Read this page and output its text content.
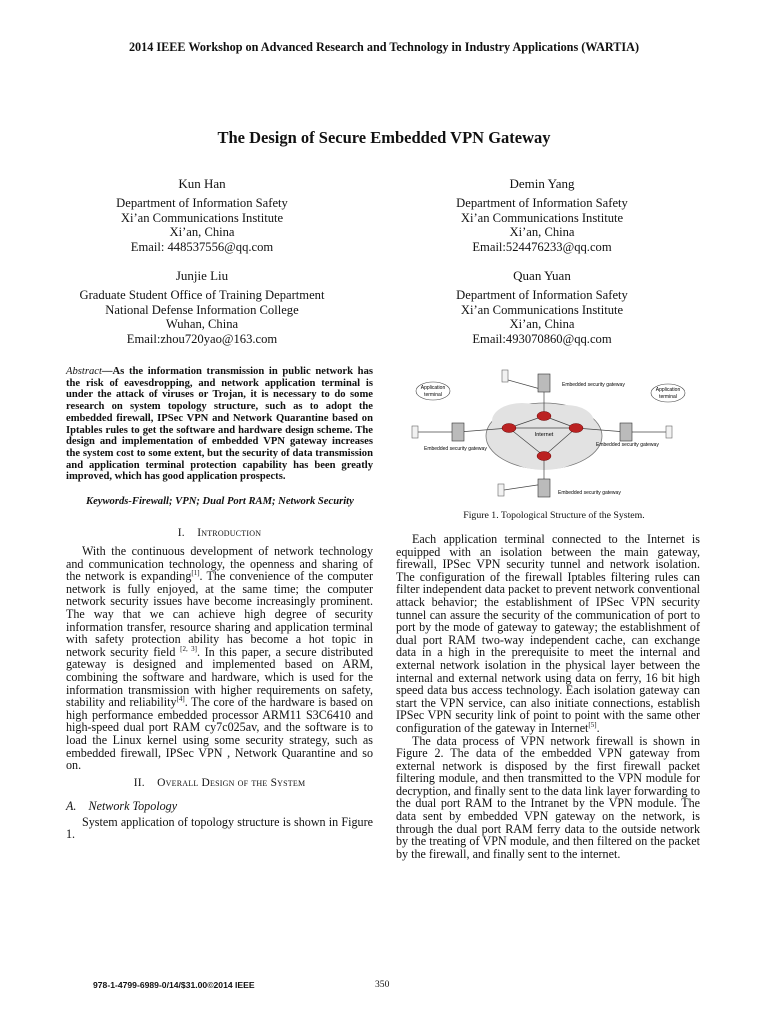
2014 IEEE Workshop on Advanced Research and Technology in Industry Applications (WARTIA)
The Design of Secure Embedded VPN Gateway
Kun Han
Department of Information Safety
Xi’an Communications Institute
Xi’an, China
Email: 448537556@qq.com
Demin Yang
Department of Information Safety
Xi’an Communications Institute
Xi’an, China
Email:524476233@qq.com
Junjie Liu
Graduate Student Office of Training Department
National Defense Information College
Wuhan, China
Email:zhou720yao@163.com
Quan Yuan
Department of Information Safety
Xi’an Communications Institute
Xi’an, China
Email:493070860@qq.com
Abstract—As the information transmission in public network has the risk of eavesdropping, and network application terminal is under the attack of viruses or Trojan, it is necessary to do some research on system topology structure, such as to adopt the embedded firewall, IPSec VPN and Network Quarantine based on Iptables rules to get the software and hardware design scheme. The design and implementation of embedded VPN gateway increases the system cost to some extent, but the security of data transmission and application terminal protection capability has been greatly improved, which has good application prospects.
Keywords-Firewall; VPN; Dual Port RAM; Network Security
I. Introduction

With the continuous development of network technology and communication technology, the openness and sharing of the network is expanding[1]. The convenience of the computer network is fully enjoyed, at the same time; the computer network security issues have become increasingly prominent. The way that we can achieve high degree of security information transfer, resource sharing and application terminal with safety protection ability has become a hot topic in network security field [2, 3]. In this paper, a secure distributed gateway is designed and implemented based on ARM, combining the software and hardware, which is used for the information transmission with higher requirements on safety, stability and reliability[4]. The core of the hardware is based on high performance embedded processor ARM11 S3C6410 and high-speed dual port RAM cy7c025av, and the software is to load the Linux kernel using some security strategy, such as embedded firewall, IPSec VPN , Network Quarantine and so on.

II. Overall Design of the System
A. Network Topology

System application of topology structure is shown in Figure 1.

Internet
Embedded security gateway
Embedded security gateway
Embedded security gateway
Embedded security gateway
Application
terminal
Application
terminal
Figure 1. Topological Structure of the System.

Each application terminal connected to the Internet is equipped with an isolation between the main gateway, firewall, IPSec VPN security tunnel and network isolation. The configuration of the firewall Iptables filtering rules can filter independent data packet to prevent network conventional attack behavior; the establishment of IPSec VPN security tunnel can assure the security of the communication of port to port by the mode of gateway to gateway; the establishment of dual port RAM two-way independent cache, can exchange data in a high in the prerequisite to meet the internal and external network isolation in the physical layer between the internal and external network using data on ferry, 16 bit high speed data bus access technology. Each isolation gateway can start the VPN service, can also initiate connections, establish IPSec VPN security link of point to point with the same other configuration of the gateway in Internet[5].

The data process of VPN network firewall is shown in Figure 2. The data of the embedded VPN gateway from external network is disposed by the first firewall packet filtering module, and then transmitted to the VPN module for decryption, and finally sent to the data link layer forwarding to the dual port RAM to the Intranet by the VPN module. The data sent by embedded VPN gateway on the network, is through the dual port RAM ferry data to the outside network by the treating of VPN module, and then filtered on the packet by the firewall, and finally sent to the internet.

978-1-4799-6989-0/14/$31.00©2014 IEEE	350
